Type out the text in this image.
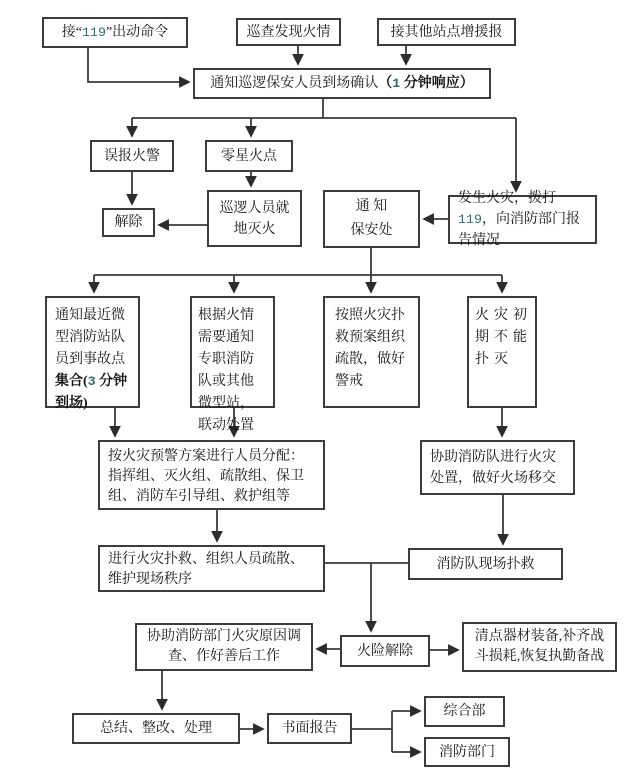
接“119”出动命令	巡查发现火情	接其他站点增援报
通知巡逻保安人员到场确认（1 分钟响应）
误报火警	零星火点
解除
巡逻人员就地灭火
通 知
保安处
发生火灾，拨打 119，向消防部门报告情况
通知最近微型消防站队员到事故点集合(3 分钟到场)
根据火情需要通知专职消防队或其他微型站，联动处置
按照火灾扑救预案组织疏散，做好警戒
火灾初期不能扑灭
按火灾预警方案进行人员分配：指挥组、灭火组、疏散组、保卫组、消防车引导组、救护组等
协助消防队进行火灾处置，做好火场移交
进行火灾扑救、组织人员疏散、维护现场秩序
消防队现场扑救
火险解除
协助消防部门火灾原因调查、作好善后工作
清点器材装备,补齐战斗损耗,恢复执勤备战
总结、整改、处理	书面报告
综合部
消防部门
